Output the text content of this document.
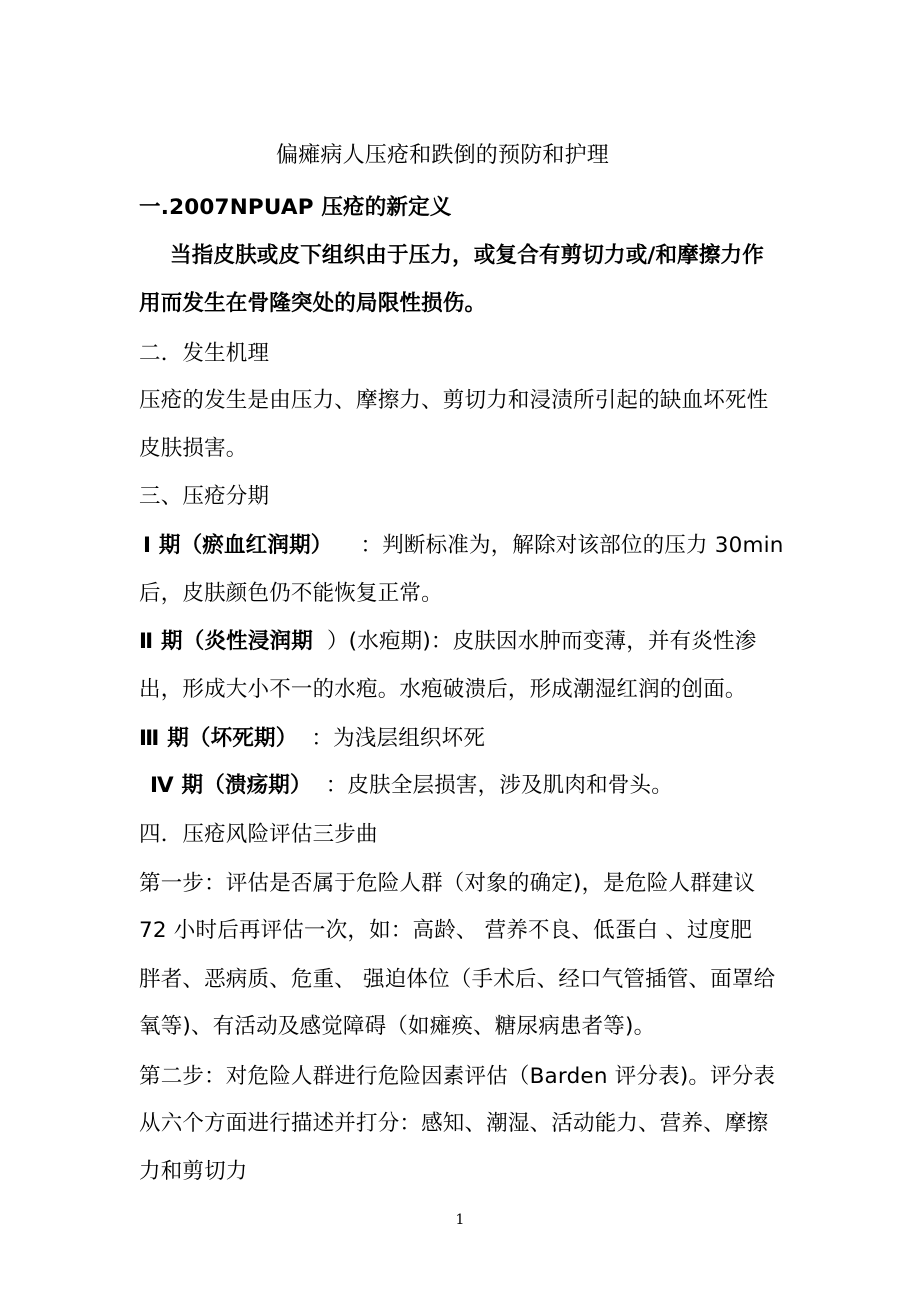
偏瘫病人压疮和跌倒的预防和护理

一.2007NPUAP 压疮的新定义

当指皮肤或皮下组织由于压力，或复合有剪切力或/和摩擦力作

用而发生在骨隆突处的局限性损伤。

二．发生机理

压疮的发生是由压力、摩擦力、剪切力和浸渍所引起的缺血坏死性

皮肤损害。

三、压疮分期

I 期（瘀血红润期） ：判断标准为，解除对该部位的压力 30min

后，皮肤颜色仍不能恢复正常。

Ⅱ 期（炎性浸润期 ）(水疱期)：皮肤因水肿而变薄，并有炎性渗

出，形成大小不一的水疱。水疱破溃后，形成潮湿红润的创面。

Ⅲ 期（坏死期） ：为浅层组织坏死

Ⅳ 期（溃疡期） ：皮肤全层损害，涉及肌肉和骨头。

四．压疮风险评估三步曲

第一步：评估是否属于危险人群（对象的确定)，是危险人群建议

72 小时后再评估一次，如：高龄、 营养不良、低蛋白 、过度肥

胖者、恶病质、危重、 强迫体位（手术后、经口气管插管、面罩给

氧等)、有活动及感觉障碍（如瘫痪、糖尿病患者等)。

第二步：对危险人群进行危险因素评估（Barden 评分表)。评分表

从六个方面进行描述并打分：感知、潮湿、活动能力、营养、摩擦

力和剪切力

1
